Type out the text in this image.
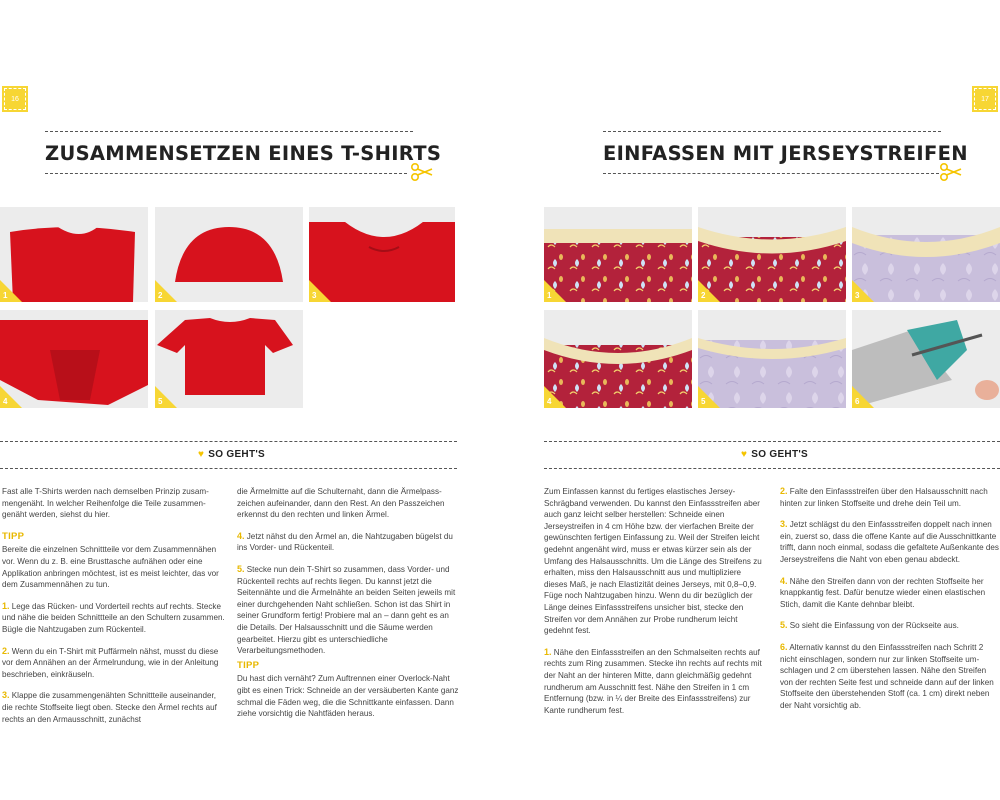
16
ZUSAMMENSETZEN EINES T-SHIRTS
1	2	3
4	5
♥ SO GEHT'S

Fast alle T-Shirts werden nach demselben Prinzip zusammengenäht. In welcher Reihenfolge die Teile zusammengenäht werden, siehst du hier.

TIPP

Bereite die einzelnen Schnittteile vor dem Zusammennähen vor. Wenn du z. B. eine Brusttasche aufnähen oder eine Applikation anbringen möchtest, ist es meist leichter, das vor dem Zusammennähen zu tun.

1. Lege das Rücken- und Vorderteil rechts auf rechts. Stecke und nähe die beiden Schnittteile an den Schultern zusammen. Bügle die Nahtzugaben zum Rückenteil.

2. Wenn du ein T-Shirt mit Puffärmeln nähst, musst du diese vor dem Annähen an der Ärmelrundung, wie in der Anleitung beschrieben, einkräuseln.

3. Klappe die zusammengenähten Schnittteile auseinander, die rechte Stoffseite liegt oben. Stecke den Ärmel rechts auf rechts an den Armausschnitt, zunächst

die Ärmelmitte auf die Schulternaht, dann die Ärmelpasszeichen aufeinander, dann den Rest. An den Passzeichen erkennst du den rechten und linken Ärmel.

4. Jetzt nähst du den Ärmel an, die Nahtzugaben bügelst du ins Vorder- und Rückenteil.

5. Stecke nun dein T-Shirt so zusammen, dass Vorder- und Rückenteil rechts auf rechts liegen. Du kannst jetzt die Seitennähte und die Ärmelnähte an beiden Seiten jeweils mit einer durchgehenden Naht schließen. Schon ist das Shirt in seiner Grundform fertig! Probiere mal an – dann geht es an die Details. Der Halsausschnitt und die Säume werden gearbeitet. Hierzu gibt es unterschiedliche Verarbeitungsmethoden.

TIPP

Du hast dich vernäht? Zum Auftrennen einer Overlock-Naht gibt es einen Trick: Schneide an der versäuberten Kante ganz schmal die Fäden weg, die die Schnittkante einfassen. Dann ziehe vorsichtig die Nahtfäden heraus.

17
EINFASSEN MIT JERSEYSTREIFEN
1	2	3
4	5	6
♥ SO GEHT'S

Zum Einfassen kannst du fertiges elastisches Jersey-Schrägband verwenden. Du kannst den Einfassstreifen aber auch ganz leicht selber herstellen: Schneide einen Jerseystreifen in 4 cm Höhe bzw. der vierfachen Breite der gewünschten fertigen Einfassung zu. Weil der Streifen leicht gedehnt angenäht wird, muss er etwas kürzer sein als der Umfang des Halsausschnitts. Um die Länge des Streifens zu erhalten, miss den Halsausschnitt aus und multipliziere dieses Maß, je nach Elastizität deines Jerseys, mit 0,8–0,9. Füge noch Nahtzugaben hinzu. Wenn du dir bezüglich der Länge deines Einfassstreifens unsicher bist, stecke den Streifen vor dem Annähen zur Probe rundherum leicht gedehnt fest.

1. Nähe den Einfassstreifen an den Schmalseiten rechts auf rechts zum Ring zusammen. Stecke ihn rechts auf rechts mit der Naht an der hinteren Mitte, dann gleichmäßig gedehnt rundherum am Ausschnitt fest. Nähe den Streifen in 1 cm Entfernung (bzw. in ¼ der Breite des Einfassstreifens) zur Kante rundherum fest.

2. Falte den Einfassstreifen über den Halsausschnitt nach hinten zur linken Stoffseite und drehe dein Teil um.

3. Jetzt schlägst du den Einfassstreifen doppelt nach innen ein, zuerst so, dass die offene Kante auf die Ausschnittkante trifft, dann noch einmal, sodass die gefaltete Außenkante des Jerseystreifens die Naht von eben genau abdeckt.

4. Nähe den Streifen dann von der rechten Stoffseite her knappkantig fest. Dafür benutze wieder einen elastischen Stich, damit die Kante dehnbar bleibt.

5. So sieht die Einfassung von der Rückseite aus.

6. Alternativ kannst du den Einfassstreifen nach Schritt 2 nicht einschlagen, sondern nur zur linken Stoffseite umschlagen und 2 cm überstehen lassen. Nähe den Streifen von der rechten Seite fest und schneide dann auf der linken Stoffseite den überstehenden Stoff (ca. 1 cm) direkt neben der Naht vorsichtig ab.
